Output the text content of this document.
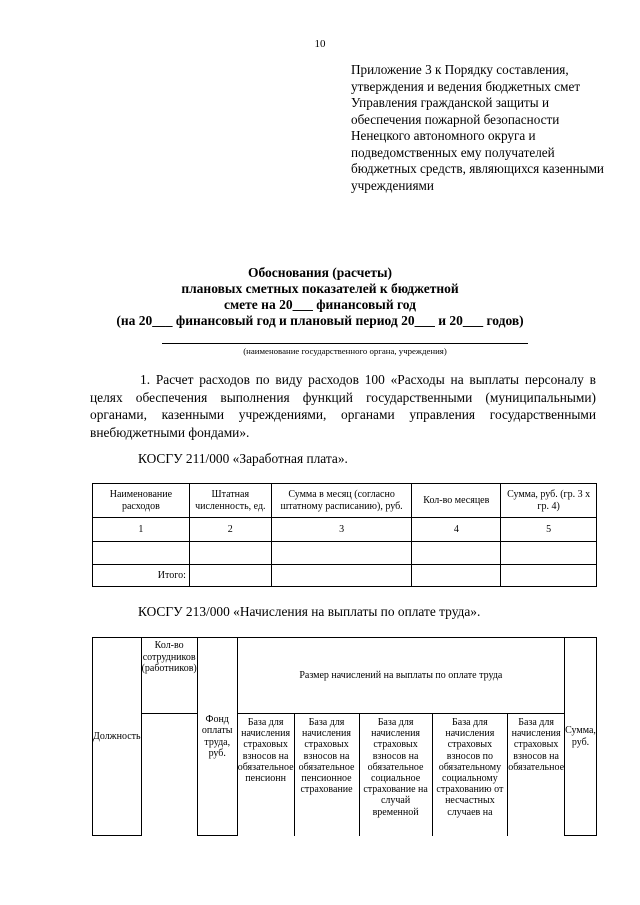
10
Приложение 3 к Порядку составления, утверждения и ведения бюджетных смет Управления гражданской защиты и обеспечения пожарной безопасности Ненецкого автономного округа и подведомственных ему получателей бюджетных средств, являющихся казенными учреждениями
Обоснования (расчеты)
плановых сметных показателей к бюджетной
смете на 20___ финансовый год
(на 20___ финансовый год и плановый период 20___ и 20___ годов)
(наименование государственного органа, учреждения)
1. Расчет расходов по виду расходов 100 «Расходы на выплаты персоналу в целях обеспечения выполнения функций государственными (муниципальными) органами, казенными учреждениями, органами управления государственными внебюджетными фондами».
КОСГУ 211/000 «Заработная плата».
Наименование расходов	Штатная численность, ед.	Сумма в месяц (согласно штатному расписанию), руб.	Кол-во месяцев	Сумма, руб. (гр. 3 х гр. 4)
1	2	3	4	5

Итого:				
КОСГУ 213/000 «Начисления на выплаты по оплате труда».
Должность	Кол-во сотрудников (работников)	Фонд оплаты труда, руб.	Размер начислений на выплаты по оплате труда					Сумма, руб.
			База для начисления страховых взносов на обязательное пенсионн	База для начисления страховых взносов на обязательное пенсионное страхование	База для начисления страховых взносов на обязательное социальное страхование на случай временной	База для начисления страховых взносов по обязательному социальному страхованию от несчастных случаев на	База для начисления страховых взносов на обязательное	
